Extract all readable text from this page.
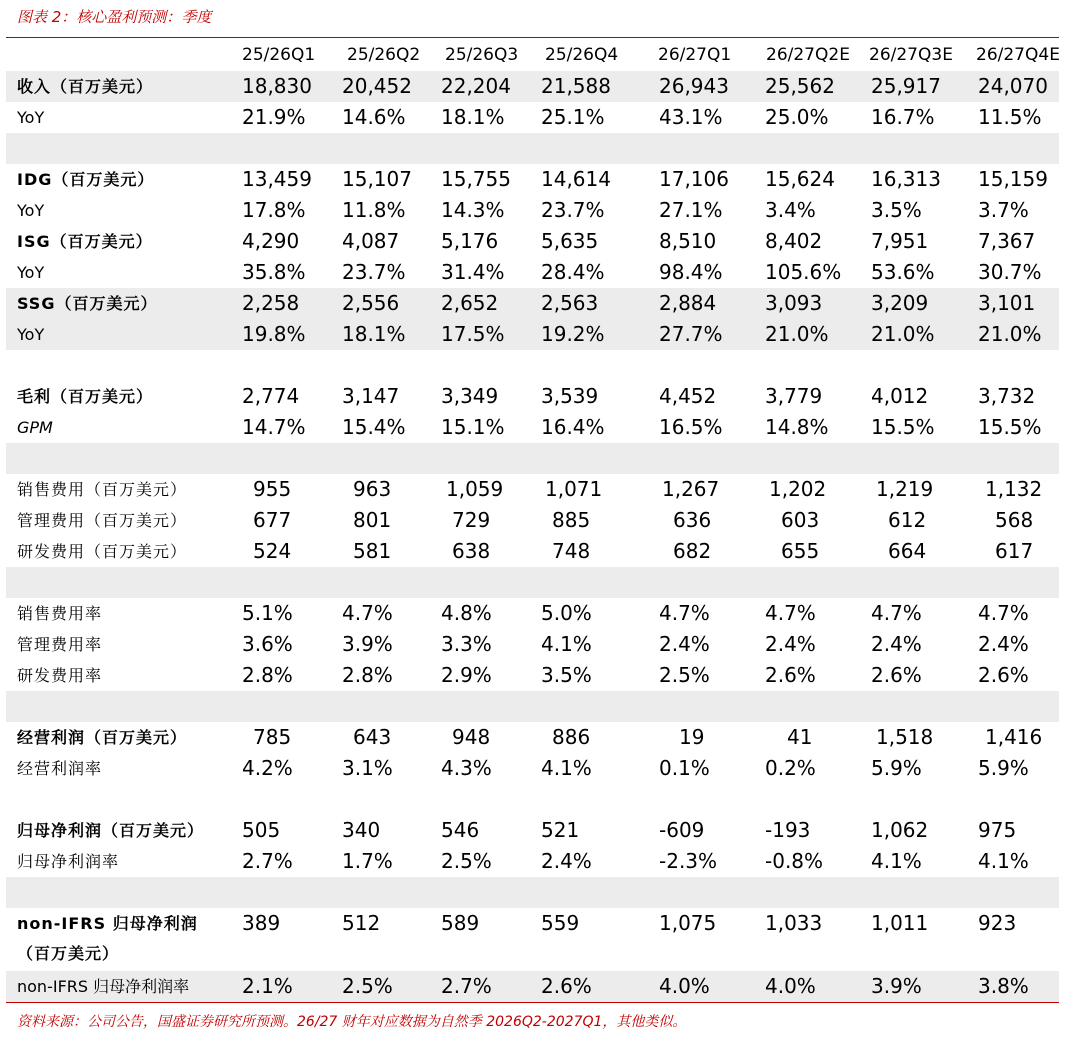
图表 2：核心盈利预测：季度
	25/26Q1	25/26Q2	25/26Q3	25/26Q4	26/27Q1	26/27Q2E	26/27Q3E	26/27Q4E
收入（百万美元）	18,830	20,452	22,204	21,588	26,943	25,562	25,917	24,070
YoY	21.9%	14.6%	18.1%	25.1%	43.1%	25.0%	16.7%	11.5%

IDG（百万美元）	13,459	15,107	15,755	14,614	17,106	15,624	16,313	15,159
YoY	17.8%	11.8%	14.3%	23.7%	27.1%	3.4%	3.5%	3.7%
ISG（百万美元）	4,290	4,087	5,176	5,635	8,510	8,402	7,951	7,367
YoY	35.8%	23.7%	31.4%	28.4%	98.4%	105.6%	53.6%	30.7%
SSG（百万美元）	2,258	2,556	2,652	2,563	2,884	3,093	3,209	3,101
YoY	19.8%	18.1%	17.5%	19.2%	27.7%	21.0%	21.0%	21.0%

毛利（百万美元）	2,774	3,147	3,349	3,539	4,452	3,779	4,012	3,732
GPM	14.7%	15.4%	15.1%	16.4%	16.5%	14.8%	15.5%	15.5%

销售费用（百万美元）	955	963	1,059	1,071	1,267	1,202	1,219	1,132
管理费用（百万美元）	677	801	729	885	636	603	612	568
研发费用（百万美元）	524	581	638	748	682	655	664	617

销售费用率	5.1%	4.7%	4.8%	5.0%	4.7%	4.7%	4.7%	4.7%
管理费用率	3.6%	3.9%	3.3%	4.1%	2.4%	2.4%	2.4%	2.4%
研发费用率	2.8%	2.8%	2.9%	3.5%	2.5%	2.6%	2.6%	2.6%

经营利润（百万美元）	785	643	948	886	19	41	1,518	1,416
经营利润率	4.2%	3.1%	4.3%	4.1%	0.1%	0.2%	5.9%	5.9%

归母净利润（百万美元）	505	340	546	521	-609	-193	1,062	975
归母净利润率	2.7%	1.7%	2.5%	2.4%	-2.3%	-0.8%	4.1%	4.1%

non-IFRS 归母净利润（百万美元）	389	512	589	559	1,075	1,033	1,011	923
non-IFRS 归母净利润率	2.1%	2.5%	2.7%	2.6%	4.0%	4.0%	3.9%	3.8%
资料来源：公司公告，国盛证券研究所预测。26/27 财年对应数据为自然季 2026Q2-2027Q1，其他类似。
